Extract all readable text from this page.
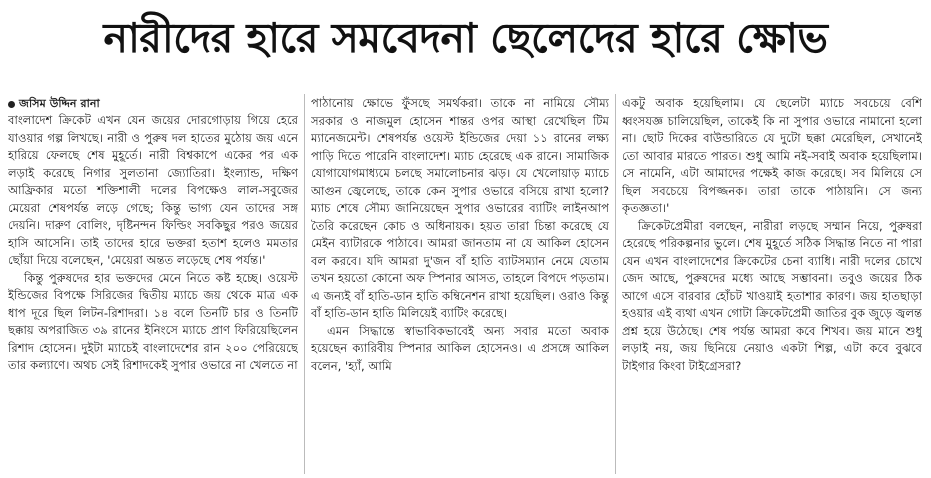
নারীদের হারে সমবেদনা ছেলেদের হারে ক্ষোভ
জসিম উদ্দিন রানা

বাংলাদেশ ক্রিকেট এখন যেন জয়ের দোরগোড়ায় গিয়ে হেরে যাওয়ার গল্প লিখছে। নারী ও পুরুষ দল হাতের মুঠোয় জয় এনে হারিয়ে ফেলছে শেষ মুহূর্তে। নারী বিশ্বকাপে একের পর এক লড়াই করেছে নিগার সুলতানা জ্যোতিরা। ইংল্যান্ড, দক্ষিণ আফ্রিকার মতো শক্তিশালী দলের বিপক্ষেও লাল-সবুজের মেয়েরা শেষপর্যন্ত লড়ে গেছে; কিন্তু ভাগ্য যেন তাদের সঙ্গ দেয়নি। দারুণ বোলিং, দৃষ্টিনন্দন ফিল্ডিং সবকিছুর পরও জয়ের হাসি আসেনি। তাই তাদের হারে ভক্তরা হতাশ হলেও মমতার ছোঁয়া দিয়ে বলেছেন, 'মেয়েরা অন্তত লড়েছে শেষ পর্যন্ত।'

কিন্তু পুরুষদের হার ভক্তদের মেনে নিতে কষ্ট হচ্ছে। ওয়েস্ট ইন্ডিজের বিপক্ষে সিরিজের দ্বিতীয় ম্যাচে জয় থেকে মাত্র এক ধাপ দূরে ছিল লিটন-রিশাদরা। ১৪ বলে তিনটি চার ও তিনটি ছক্কায় অপরাজিত ৩৯ রানের ইনিংসে ম্যাচে প্রাণ ফিরিয়েছিলেন রিশাদ হোসেন। দুইটা ম্যাচেই বাংলাদেশের রান ২০০ পেরিয়েছে তার কল্যাণে। অথচ সেই রিশাদকেই সুপার ওভারে না খেলতে না

পাঠানোয় ক্ষোভে ফুঁসছে সমর্থকরা। তাকে না নামিয়ে সৌম্য সরকার ও নাজমুল হোসেন শান্তর ওপর আস্থা রেখেছিল টিম ম্যানেজমেন্ট। শেষপর্যন্ত ওয়েস্ট ইন্ডিজের দেয়া ১১ রানের লক্ষ্য পাড়ি দিতে পারেনি বাংলাদেশ। ম্যাচ হেরেছে এক রানে। সামাজিক যোগাযোগমাধ্যমে চলছে সমালোচনার ঝড়। যে খেলোয়াড় ম্যাচে আগুন জ্বেলেছে, তাকে কেন সুপার ওভারে বসিয়ে রাখা হলো? ম্যাচ শেষে সৌম্য জানিয়েছেন সুপার ওভারের ব্যাটিং লাইনআপ তৈরি করেছেন কোচ ও অধিনায়ক। হয়ত তারা চিন্তা করেছে যে মেইন ব্যাটারকে পাঠাবে। আমরা জানতাম না যে আকিল হোসেন বল করবে। যদি আমরা দু'জন বাঁ হাতি ব্যাটসম্যান নেমে যেতাম তখন হয়তো কোনো অফ স্পিনার আসত, তাহলে বিপদে পড়তাম। এ জন্যই বাঁ হাতি-ডান হাতি কম্বিনেশন রাখা হয়েছিল। ওরাও কিন্তু বাঁ হাতি-ডান হাতি মিলিয়েই ব্যাটিং করেছে।

এমন সিদ্ধান্তে স্বাভাবিকভাবেই অন্য সবার মতো অবাক হয়েছেন ক্যারিবীয় স্পিনার আকিল হোসেনও। এ প্রসঙ্গে আকিল বলেন, 'হ্যাঁ, আমি

একটু অবাক হয়েছিলাম। যে ছেলেটা ম্যাচে সবচেয়ে বেশি ধ্বংসযজ্ঞ চালিয়েছিল, তাকেই কি না সুপার ওভারে নামানো হলো না। ছোট দিকের বাউন্ডারিতে যে দুটো ছক্কা মেরেছিল, সেখানেই তো আবার মারতে পারত। শুধু আমি নই-সবাই অবাক হয়েছিলাম। সে নামেনি, এটা আমাদের পক্ষেই কাজ করেছে। সব মিলিয়ে সে ছিল সবচেয়ে বিপজ্জনক। তারা তাকে পাঠায়নি। সে জন্য কৃতজ্ঞতা।'

ক্রিকেটপ্রেমীরা বলছেন, নারীরা লড়ছে সম্মান নিয়ে, পুরুষরা হেরেছে পরিকল্পনার ভুলে। শেষ মুহূর্তে সঠিক সিদ্ধান্ত নিতে না পারা যেন এখন বাংলাদেশের ক্রিকেটের চেনা ব্যাধি। নারী দলের চোখে জেদ আছে, পুরুষদের মধ্যে আছে সম্ভাবনা। তবুও জয়ের ঠিক আগে এসে বারবার হোঁচট খাওয়াই হতাশার কারণ। জয় হাতছাড়া হওয়ার এই ব্যথা এখন গোটা ক্রিকেটপ্রেমী জাতির বুক জুড়ে জ্বলন্ত প্রশ্ন হয়ে উঠেছে। শেষ পর্যন্ত আমরা কবে শিখব। জয় মানে শুধু লড়াই নয়, জয় ছিনিয়ে নেয়াও একটা শিল্প, এটা কবে বুঝবে টাইগার কিংবা টাইগ্রেসরা?
